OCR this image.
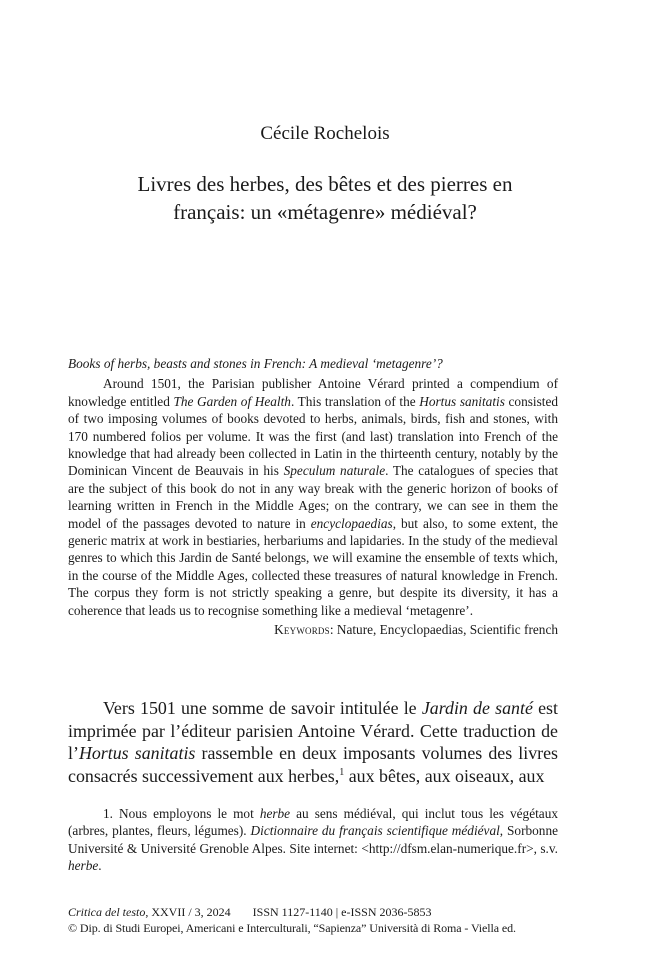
Cécile Rochelois
Livres des herbes, des bêtes et des pierres en
français: un «métagenre» médiéval?
Books of herbs, beasts and stones in French: A medieval ‘metagenre’?

Around 1501, the Parisian publisher Antoine Vérard printed a compendium of knowledge entitled The Garden of Health. This translation of the Hortus sanitatis consisted of two imposing volumes of books devoted to herbs, animals, birds, fish and stones, with 170 numbered folios per volume. It was the first (and last) translation into French of the knowledge that had already been collected in Latin in the thirteenth century, notably by the Dominican Vincent de Beauvais in his Speculum naturale. The catalogues of species that are the subject of this book do not in any way break with the generic horizon of books of learning written in French in the Middle Ages; on the contrary, we can see in them the model of the passages devoted to nature in encyclopaedias, but also, to some extent, the generic matrix at work in bestiaries, herbariums and lapidaries. In the study of the medieval genres to which this Jardin de Santé belongs, we will examine the ensemble of texts which, in the course of the Middle Ages, collected these treasures of natural knowledge in French. The corpus they form is not strictly speaking a genre, but despite its diversity, it has a coherence that leads us to recognise something like a medieval ‘metagenre’.

Keywords: Nature, Encyclopaedias, Scientific french

Vers 1501 une somme de savoir intitulée le Jardin de santé est imprimée par l’éditeur parisien Antoine Vérard. Cette traduction de l’Hortus sanitatis rassemble en deux imposants volumes des livres consacrés successivement aux herbes,$^1$ aux bêtes, aux oiseaux, aux

1. Nous employons le mot herbe au sens médiéval, qui inclut tous les végétaux (arbres, plantes, fleurs, légumes). Dictionnaire du français scientifique médiéval, Sorbonne Université & Université Grenoble Alpes. Site internet: <http://dfsm.elan-numerique.fr>, s.v. herbe.

Critica del testo, XXVII / 3, 2024 ISSN 1127-1140 | e-ISSN 2036-5853
© Dip. di Studi Europei, Americani e Interculturali, “Sapienza” Università di Roma - Viella ed.
